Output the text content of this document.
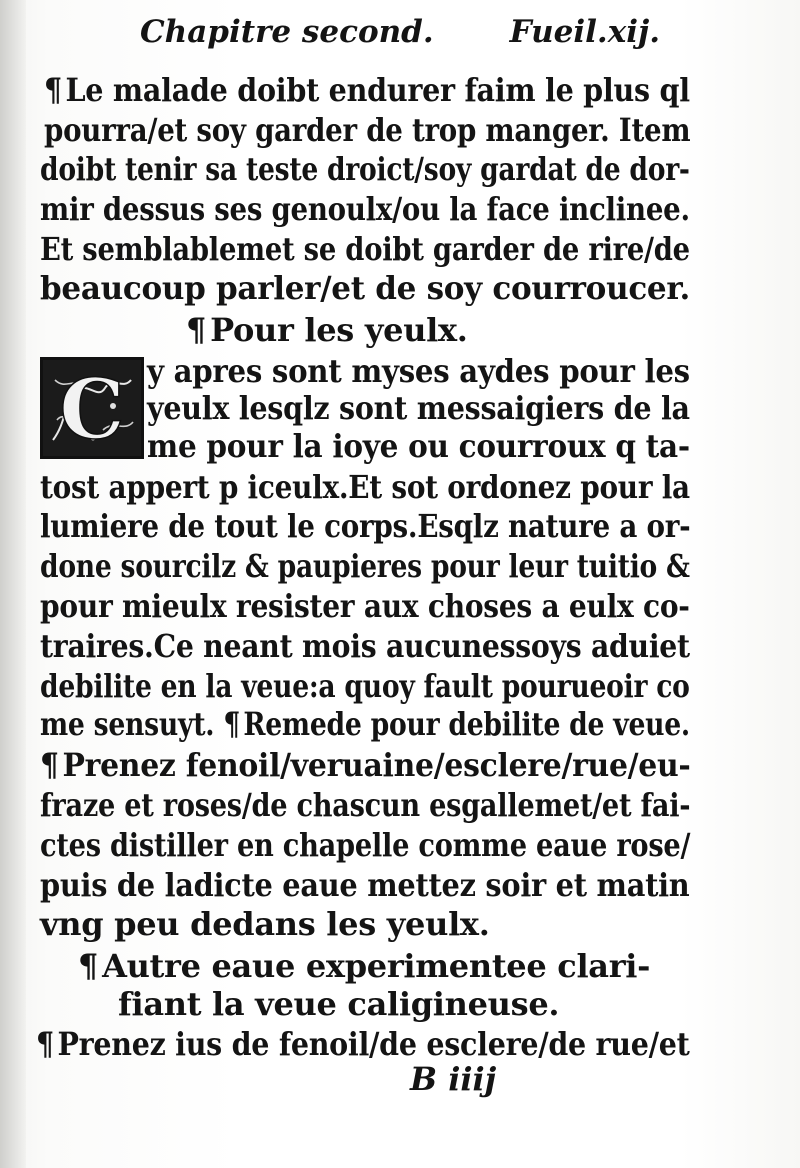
Chapitre second. Fueil.xij.
¶ Le malade doibt endurer faim le plus ql
pourra/et soy garder de trop manger. Item
doibt tenir sa teste droict/soy gardat de dor-
mir dessus ses genoulx/ou la face inclinee.
Et semblablemet se doibt garder de rire/de
beaucoup parler/et de soy courroucer.
¶ Pour les yeulx.
C y apres sont myses aydes pour les
yeulx lesqlz sont messaigiers de la
me pour la ioye ou courroux q ta-
tost appert p iceulx.Et sot ordonez pour la
lumiere de tout le corps.Esqlz nature a or-
done sourcilz & paupieres pour leur tuitio &
pour mieulx resister aux choses a eulx co-
traires.Ce neant mois aucunessoys aduiet
debilite en la veue:a quoy fault pourueoir co
me sensuyt. ¶ Remede pour debilite de veue.
¶ Prenez fenoil/veruaine/esclere/rue/eu-
fraze et roses/de chascun esgallemet/et fai-
ctes distiller en chapelle comme eaue rose/
puis de ladicte eaue mettez soir et matin
vng peu dedans les yeulx.
¶ Autre eaue experimentee clari-
fiant la veue caligineuse.
¶ Prenez ius de fenoil/de esclere/de rue/et
B iiij
